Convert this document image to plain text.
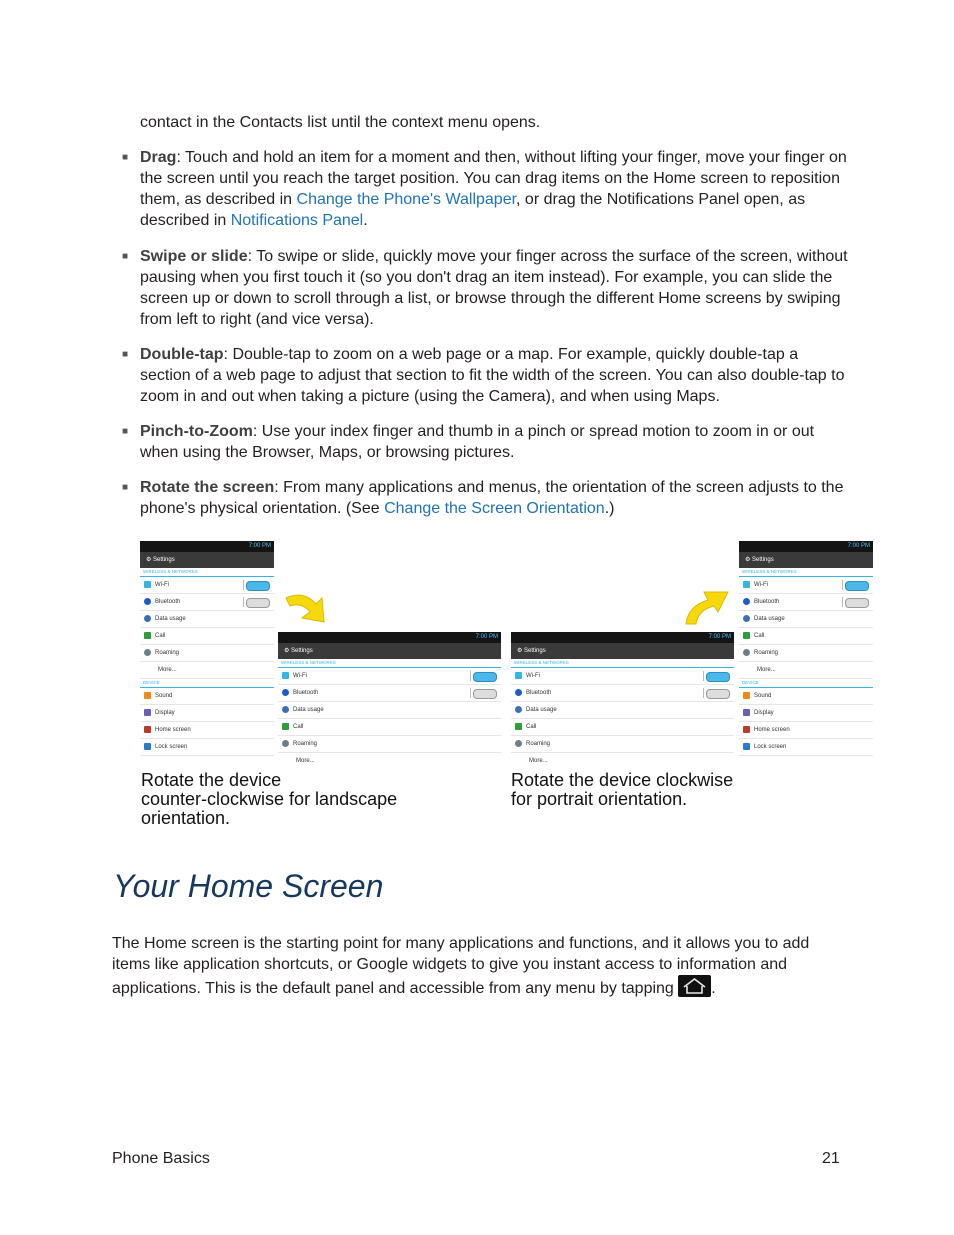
contact in the Contacts list until the context menu opens.

■ Drag: Touch and hold an item for a moment and then, without lifting your finger, move your finger on the screen until you reach the target position. You can drag items on the Home screen to reposition them, as described in Change the Phone's Wallpaper, or drag the Notifications Panel open, as described in Notifications Panel.
■ Swipe or slide: To swipe or slide, quickly move your finger across the surface of the screen, without pausing when you first touch it (so you don't drag an item instead). For example, you can slide the screen up or down to scroll through a list, or browse through the different Home screens by swiping from left to right (and vice versa).
■ Double-tap: Double-tap to zoom on a web page or a map. For example, quickly double-tap a section of a web page to adjust that section to fit the width of the screen. You can also double-tap to zoom in and out when taking a picture (using the Camera), and when using Maps.
■ Pinch-to-Zoom: Use your index finger and thumb in a pinch or spread motion to zoom in or out when using the Browser, Maps, or browsing pictures.
■ Rotate the screen: From many applications and menus, the orientation of the screen adjusts to the phone's physical orientation. (See Change the Screen Orientation.)
7:00 PM
⚙ Settings
WIRELESS & NETWORKS
Wi-Fi
Bluetooth
Data usage
Call
Roaming
More...
DEVICE
Sound
Display
Home screen
Lock screen
7:00 PM
⚙ Settings
WIRELESS & NETWORKS
Wi-Fi
Bluetooth
Data usage
Call
Roaming
More...
7:00 PM
⚙ Settings
WIRELESS & NETWORKS
Wi-Fi
Bluetooth
Data usage
Call
Roaming
More...
7:00 PM
⚙ Settings
WIRELESS & NETWORKS
Wi-Fi
Bluetooth
Data usage
Call
Roaming
More...
DEVICE
Sound
Display
Home screen
Lock screen
Rotate the device
counter-clockwise for landscape
orientation.
Rotate the device clockwise
for portrait orientation.
Your Home Screen
The Home screen is the starting point for many applications and functions, and it allows you to add items like application shortcuts, or Google widgets to give you instant access to information and applications. This is the default panel and accessible from any menu by tapping .
Phone Basics	21
